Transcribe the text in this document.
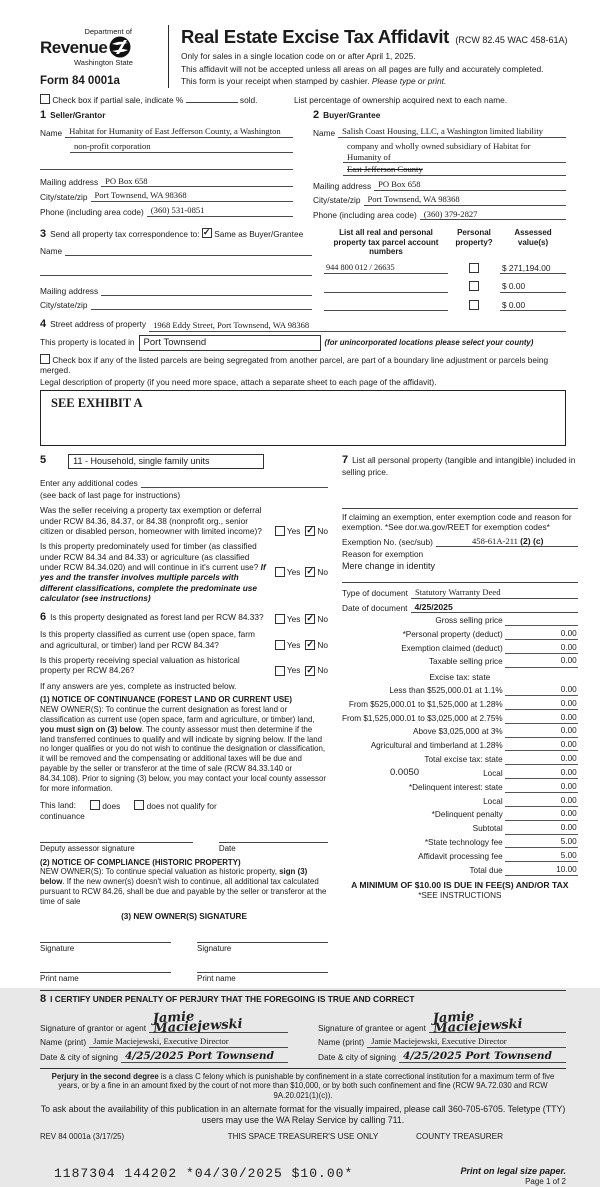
Department of
Revenue
Washington State
Form 84 0001a
Real Estate Excise Tax Affidavit (RCW 82.45 WAC 458-61A)
Only for sales in a single location code on or after April 1, 2025.
This affidavit will not be accepted unless all areas on all pages are fully and accurately completed.
This form is your receipt when stamped by cashier. Please type or print.
Check box if partial sale, indicate %	sold.	List percentage of ownership acquired next to each name.
1 Seller/Grantor
Name Habitat for Humanity of East Jefferson County, a Washington
non-profit corporation
Mailing address PO Box 658
City/state/zip Port Townsend, WA 98368
Phone (including area code) (360) 531-0851
2 Buyer/Grantee
Name Salish Coast Housing, LLC, a Washington limited liability
company and wholly owned subsidiary of Habitat for Humanity of
East Jefferson County
Mailing address PO Box 658
City/state/zip Port Townsend, WA 98368
Phone (including area code) (360) 379-2827
3 Send all property tax correspondence to: ✓ Same as Buyer/Grantee
Name
Mailing address
City/state/zip
List all real and personal property tax parcel account numbers
Personal property?
Assessed value(s)
944 800 012 / 26635	$ 271,194.00
$ 0.00
$ 0.00
4 Street address of property 1968 Eddy Street, Port Townsend, WA 98368
This property is located in Port Townsend	(for unincorporated locations please select your county)
Check box if any of the listed parcels are being segregated from another parcel, are part of a boundary line adjustment or parcels being merged.
Legal description of property (if you need more space, attach a separate sheet to each page of the affidavit).
SEE EXHIBIT A
5	11 - Household, single family units
Enter any additional codes
(see back of last page for instructions)
Was the seller receiving a property tax exemption or deferral under RCW 84.36, 84.37, or 84.38 (nonprofit org., senior citizen or disabled person, homeowner with limited income)?	Yes ✓ No
Is this property predominately used for timber (as classified under RCW 84.34 and 84.33) or agriculture (as classified under RCW 84.34.020) and will continue in it's current use? If yes and the transfer involves multiple parcels with different classifications, complete the predominate use calculator (see instructions)
Yes ✓ No
6 Is this property designated as forest land per RCW 84.33?	Yes ✓ No
Is this property classified as current use (open space, farm and agricultural, or timber) land per RCW 84.34?	Yes ✓ No
Is this property receiving special valuation as historical property per RCW 84.26?	Yes ✓ No
If any answers are yes, complete as instructed below.
(1) NOTICE OF CONTINUANCE (FOREST LAND OR CURRENT USE)
NEW OWNER(S): To continue the current designation as forest land or classification as current use (open space, farm and agriculture, or timber) land, you must sign on (3) below. The county assessor must then determine if the land transferred continues to qualify and will indicate by signing below. If the land no longer qualifies or you do not wish to continue the designation or classification, it will be removed and the compensating or additional taxes will be due and payable by the seller or transferor at the time of sale (RCW 84.33.140 or 84.34.108). Prior to signing (3) below, you may contact your local county assessor for more information.
This land:	does	does not qualify for
continuance
Deputy assessor signature	Date
(2) NOTICE OF COMPLIANCE (HISTORIC PROPERTY)
NEW OWNER(S): To continue special valuation as historic property, sign (3) below. If the new owner(s) doesn't wish to continue, all additional tax calculated pursuant to RCW 84.26, shall be due and payable by the seller or transferor at the time of sale
(3) NEW OWNER(S) SIGNATURE
Signature	Signature
Print name	Print name
7 List all personal property (tangible and intangible) included in selling price.
If claiming an exemption, enter exemption code and reason for exemption. *See dor.wa.gov/REET for exemption codes*
Exemption No. (sec/sub)	458-61A-211 (2) (c)
Reason for exemption
Mere change in identity
Type of document Statutory Warranty Deed
Date of document 4/25/2025
Gross selling price
*Personal property (deduct)	0.00
Exemption claimed (deduct)	0.00
Taxable selling price	0.00
Excise tax: state
Less than $525,000.01 at 1.1%	0.00
From $525,000.01 to $1,525,000 at 1.28%	0.00
From $1,525,000.01 to $3,025,000 at 2.75%	0.00
Above $3,025,000 at 3%	0.00
Agricultural and timberland at 1.28%	0.00
Total excise tax: state	0.00
0.0050	Local	0.00
*Delinquent interest: state	0.00
Local	0.00
*Delinquent penalty	0.00
Subtotal	0.00
*State technology fee	5.00
Affidavit processing fee	5.00
Total due	10.00
A MINIMUM OF $10.00 IS DUE IN FEE(S) AND/OR TAX
*SEE INSTRUCTIONS
8 I CERTIFY UNDER PENALTY OF PERJURY THAT THE FOREGOING IS TRUE AND CORRECT
Signature of grantor or agent
Jamie Maciejewski
Name (print) Jamie Maciejewski, Executive Director
Date & city of signing 4/25/2025 Port Townsend
Signature of grantee or agent
Jamie Maciejewski
Name (print) Jamie Maciejewski, Executive Director
Date & city of signing 4/25/2025 Port Townsend
Perjury in the second degree is a class C felony which is punishable by confinement in a state correctional institution for a maximum term of five years, or by a fine in an amount fixed by the court of not more than $10,000, or by both such confinement and fine (RCW 9A.72.030 and RCW 9A.20.021(1)(c)).
To ask about the availability of this publication in an alternate format for the visually impaired, please call 360-705-6705. Teletype (TTY) users may use the WA Relay Service by calling 711.
REV 84 0001a (3/17/25)	THIS SPACE TREASURER'S USE ONLY	COUNTY TREASURER
1187304 144202 *04/30/2025 $10.00*	Print on legal size paper.
Page 1 of 2
